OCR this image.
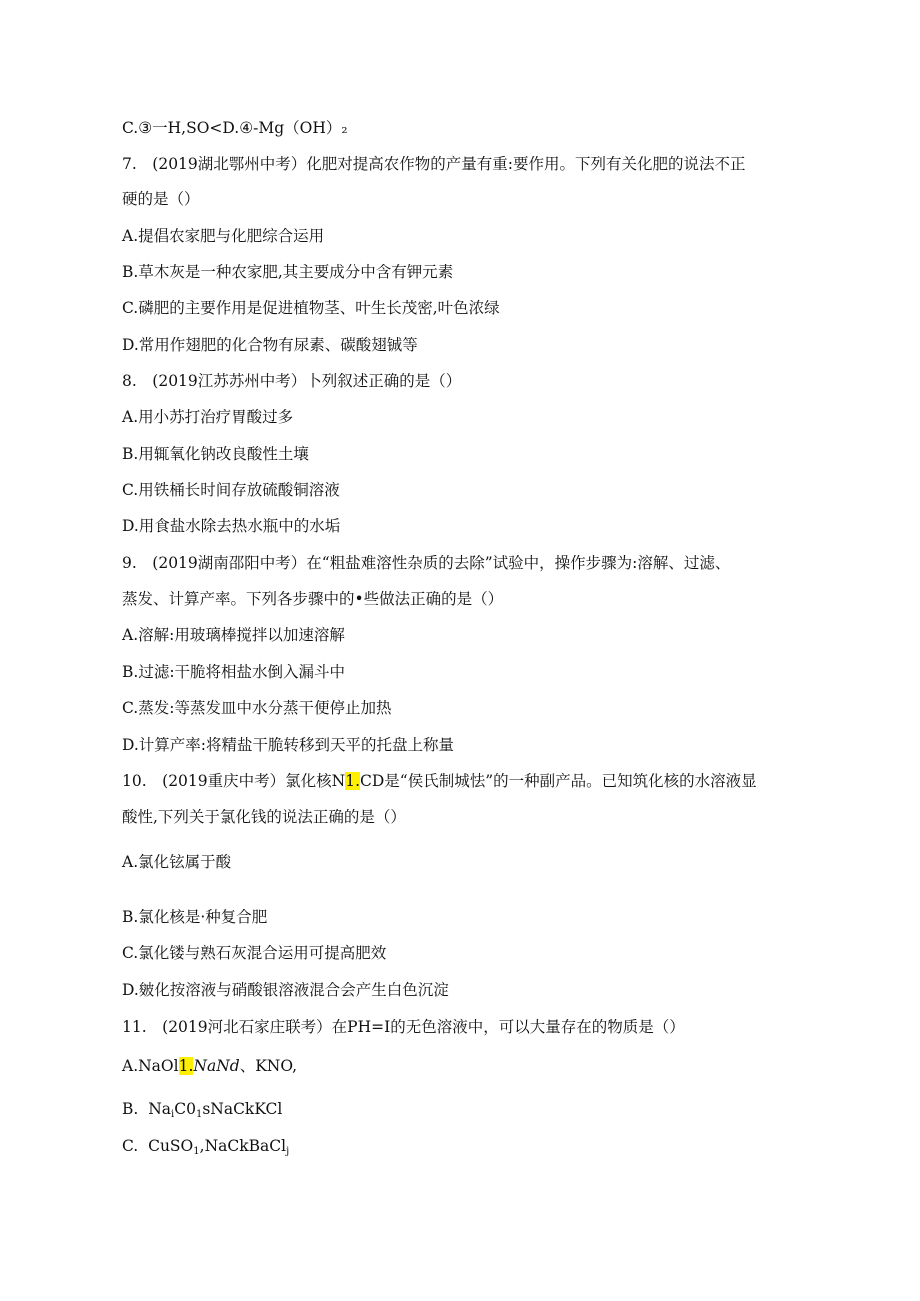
C.③一H,SO<D.④-Mg（OH）₂
7.　(2019湖北鄂州中考）化肥对提高农作物的产量有重:要作用。下列有关化肥的说法不正
硬的是（）
A.提倡农家肥与化肥综合运用
B.草木灰是一种农家肥,其主要成分中含有钾元素
C.磷肥的主要作用是促进植物茎、叶生长茂密,叶色浓绿
D.常用作翅肥的化合物有尿素、碳酸翅铖等
8.　(2019江苏苏州中考）卜列叙述正确的是（）
A.用小苏打治疗胃酸过多
B.用辄氧化钠改良酸性土壤
C.用铁桶长时间存放硫酸铜溶液
D.用食盐水除去热水瓶中的水垢
9.　(2019湖南邵阳中考）在“粗盐难溶性杂质的去除”试验中，操作步骤为:溶解、过滤、
蒸发、计算产率。下列各步骤中的•些做法正确的是（）
A.溶解:用玻璃棒搅拌以加速溶解
B.过滤:干脆将相盐水倒入漏斗中
C.蒸发:等蒸发皿中水分蒸干便停止加热
D.计算产率:将精盐干脆转移到天平的托盘上称量
酸性,下列关于氯化钱的说法正确的是（）
A.氯化铉属于酸
B.氯化核是·种复合肥
C.氯化镂与熟石灰混合运用可提高肥效
D.皴化按溶液与硝酸银溶液混合会产生白色沉淀
11.　(2019河北石家庄联考）在PH=I的无色溶液中，可以大量存在的物质是（）
10.　(2019重庆中考）氯化核N1.CD是“侯氏制城怯”的一种副产品。已知筑化核的水溶液显
A.NaOl1.NaNd、KNO,
B. $Na_iC0_1sNaCkKCl$
C. CuSO$_1$,NaCkBaCl$_j$
